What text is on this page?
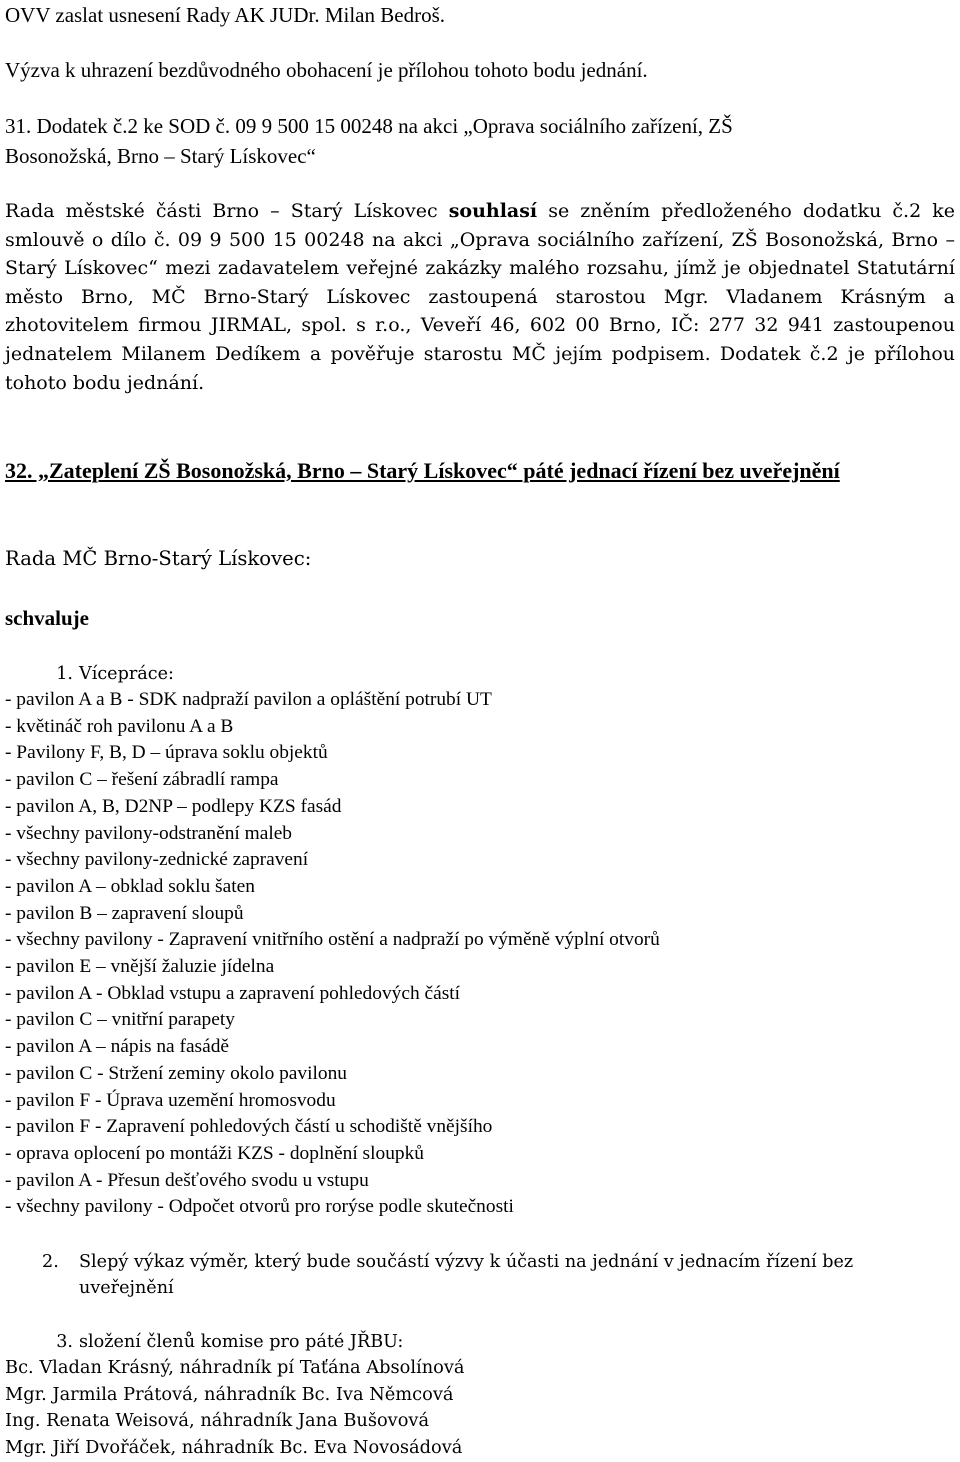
OVV zaslat usnesení Rady AK JUDr. Milan Bedroš.
Výzva k uhrazení bezdůvodného obohacení je přílohou tohoto bodu jednání.
31. Dodatek č.2 ke SOD č. 09 9 500 15 00248 na akci „Oprava sociálního zařízení, ZŠ
Bosonožská, Brno – Starý Lískovec“
Rada městské části Brno – Starý Lískovec souhlasí se zněním předloženého dodatku č.2 ke smlouvě o dílo č. 09 9 500 15 00248 na akci „Oprava sociálního zařízení, ZŠ Bosonožská, Brno – Starý Lískovec“ mezi zadavatelem veřejné zakázky malého rozsahu, jímž je objednatel Statutární město Brno, MČ Brno-Starý Lískovec zastoupená starostou Mgr. Vladanem Krásným a zhotovitelem firmou JIRMAL, spol. s r.o., Veveří 46, 602 00 Brno, IČ: 277 32 941 zastoupenou jednatelem Milanem Dedíkem a pověřuje starostu MČ jejím podpisem. Dodatek č.2 je přílohou tohoto bodu jednání.
32. „Zateplení ZŠ Bosonožská, Brno – Starý Lískovec“ páté jednací řízení bez uveřejnění
Rada MČ Brno-Starý Lískovec:
schvaluje
1. Vícepráce:
- pavilon A a B - SDK nadpraží pavilon a opláštění potrubí UT
- květináč roh pavilonu A a B
- Pavilony F, B, D – úprava soklu objektů
- pavilon C – řešení zábradlí rampa
- pavilon A, B, D2NP – podlepy KZS fasád
- všechny pavilony-odstranění maleb
- všechny pavilony-zednické zapravení
- pavilon A – obklad soklu šaten
- pavilon B – zapravení sloupů
- všechny pavilony - Zapravení vnitřního ostění a nadpraží po výměně výplní otvorů
- pavilon E – vnější žaluzie jídelna
- pavilon A - Obklad vstupu a zapravení pohledových částí
- pavilon C – vnitřní parapety
- pavilon A – nápis na fasádě
- pavilon C - Stržení zeminy okolo pavilonu
- pavilon F - Úprava uzemění hromosvodu
- pavilon F - Zapravení pohledových částí u schodiště vnějšího
- oprava oplocení po montáži KZS - doplnění sloupků
- pavilon A - Přesun dešťového svodu u vstupu
- všechny pavilony - Odpočet otvorů pro rorýse podle skutečnosti
2. Slepý výkaz výměr, který bude součástí výzvy k účasti na jednání v jednacím řízení bez uveřejnění
3. složení členů komise pro páté JŘBU:
Bc. Vladan Krásný, náhradník pí Taťána Absolínová
Mgr. Jarmila Prátová, náhradník Bc. Iva Němcová
Ing. Renata Weisová, náhradník Jana Bušovová
Mgr. Jiří Dvořáček, náhradník Bc. Eva Novosádová
